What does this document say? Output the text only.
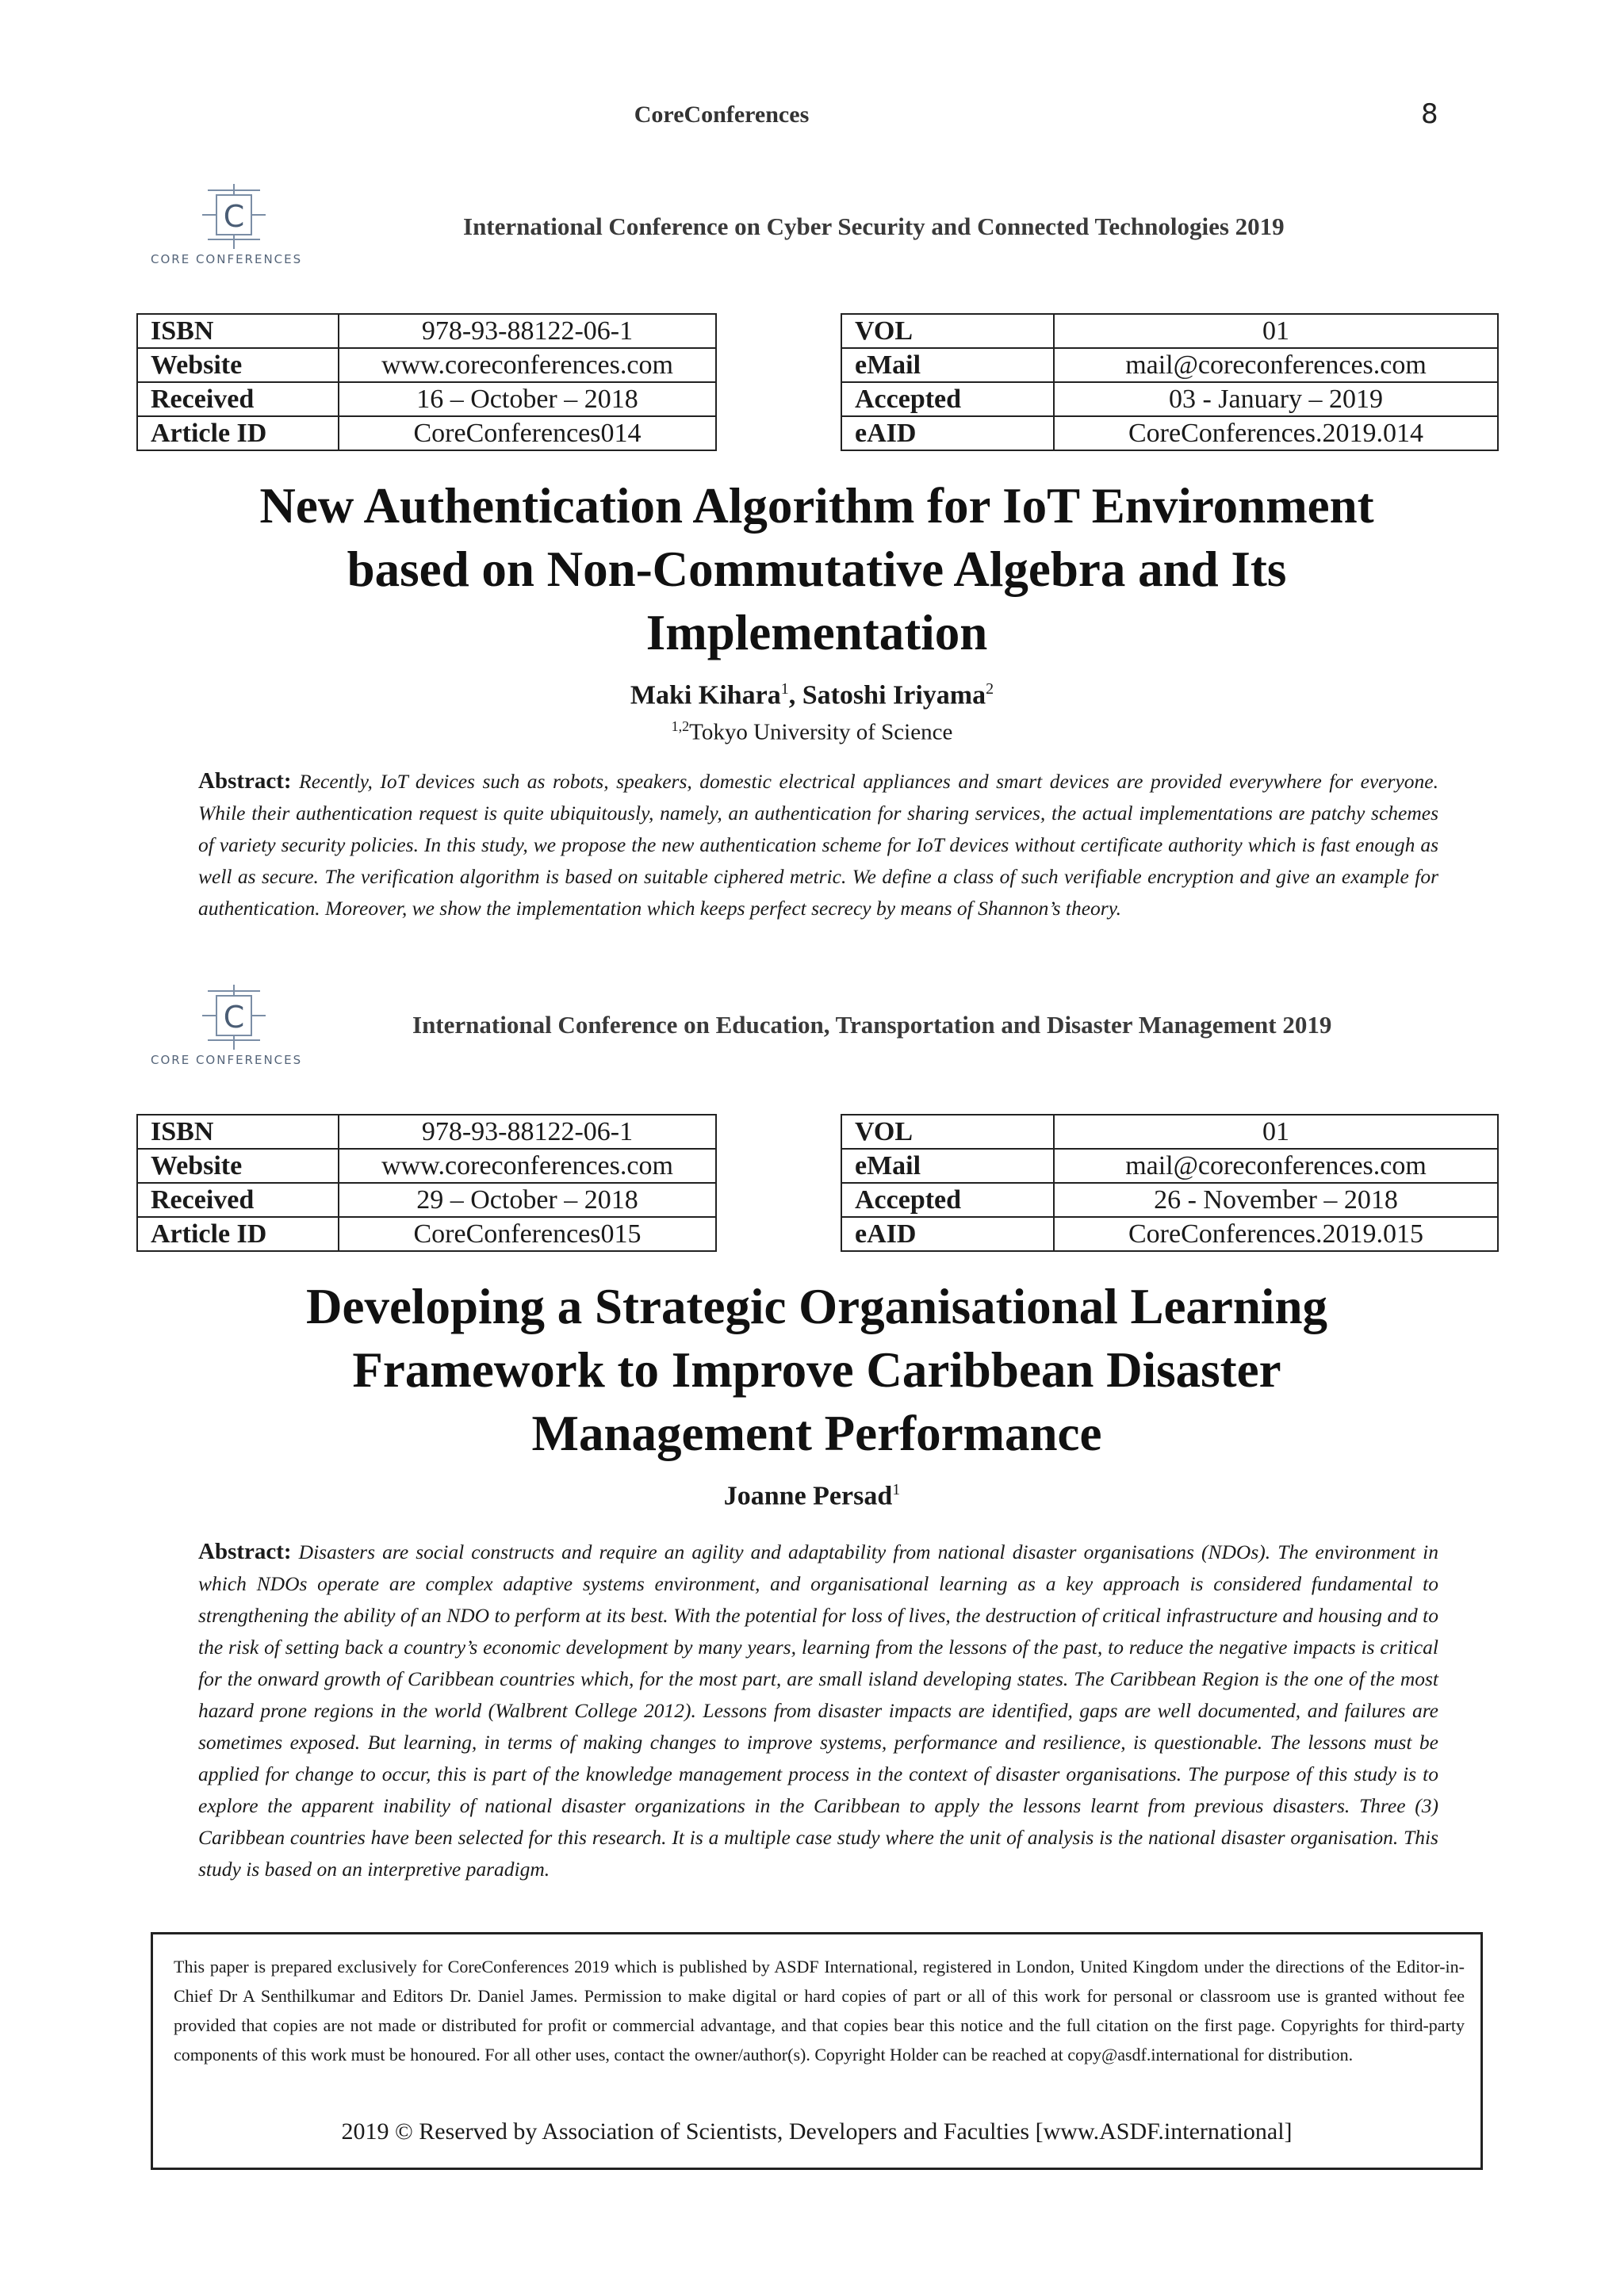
CoreConferences	8
C
CORE CONFERENCES
International Conference on Cyber Security and Connected Technologies 2019
ISBN	978-93-88122-06-1
Website	www.coreconferences.com
Received	16 – October – 2018
Article ID	CoreConferences014
VOL	01
eMail	mail@coreconferences.com
Accepted	03 - January – 2019
eAID	CoreConferences.2019.014
New Authentication Algorithm for IoT Environment
based on Non-Commutative Algebra and Its
Implementation
Maki Kihara$^1$, Satoshi Iriyama$^2$
$^{1,2}$Tokyo University of Science
Abstract: Recently, IoT devices such as robots, speakers, domestic electrical appliances and smart devices are provided everywhere for everyone. While their authentication request is quite ubiquitously, namely, an authentication for sharing services, the actual implementations are patchy schemes of variety security policies. In this study, we propose the new authentication scheme for IoT devices without certificate authority which is fast enough as well as secure. The verification algorithm is based on suitable ciphered metric. We define a class of such verifiable encryption and give an example for authentication. Moreover, we show the implementation which keeps perfect secrecy by means of Shannon’s theory.
C
CORE CONFERENCES
International Conference on Education, Transportation and Disaster Management 2019
ISBN	978-93-88122-06-1
Website	www.coreconferences.com
Received	29 – October – 2018
Article ID	CoreConferences015
VOL	01
eMail	mail@coreconferences.com
Accepted	26 - November – 2018
eAID	CoreConferences.2019.015
Developing a Strategic Organisational Learning
Framework to Improve Caribbean Disaster
Management Performance
Joanne Persad$^1$
Abstract: Disasters are social constructs and require an agility and adaptability from national disaster organisations (NDOs). The environment in which NDOs operate are complex adaptive systems environment, and organisational learning as a key approach is considered fundamental to strengthening the ability of an NDO to perform at its best. With the potential for loss of lives, the destruction of critical infrastructure and housing and to the risk of setting back a country’s economic development by many years, learning from the lessons of the past, to reduce the negative impacts is critical for the onward growth of Caribbean countries which, for the most part, are small island developing states. The Caribbean Region is the one of the most hazard prone regions in the world (Walbrent College 2012). Lessons from disaster impacts are identified, gaps are well documented, and failures are sometimes exposed. But learning, in terms of making changes to improve systems, performance and resilience, is questionable. The lessons must be applied for change to occur, this is part of the knowledge management process in the context of disaster organisations. The purpose of this study is to explore the apparent inability of national disaster organizations in the Caribbean to apply the lessons learnt from previous disasters. Three (3) Caribbean countries have been selected for this research. It is a multiple case study where the unit of analysis is the national disaster organisation. This study is based on an interpretive paradigm.
This paper is prepared exclusively for CoreConferences 2019 which is published by ASDF International, registered in London, United Kingdom under the directions of the Editor-in-Chief Dr A Senthilkumar and Editors Dr. Daniel James. Permission to make digital or hard copies of part or all of this work for personal or classroom use is granted without fee provided that copies are not made or distributed for profit or commercial advantage, and that copies bear this notice and the full citation on the first page. Copyrights for third-party components of this work must be honoured. For all other uses, contact the owner/author(s). Copyright Holder can be reached at copy@asdf.international for distribution.
2019 © Reserved by Association of Scientists, Developers and Faculties [www.ASDF.international]
